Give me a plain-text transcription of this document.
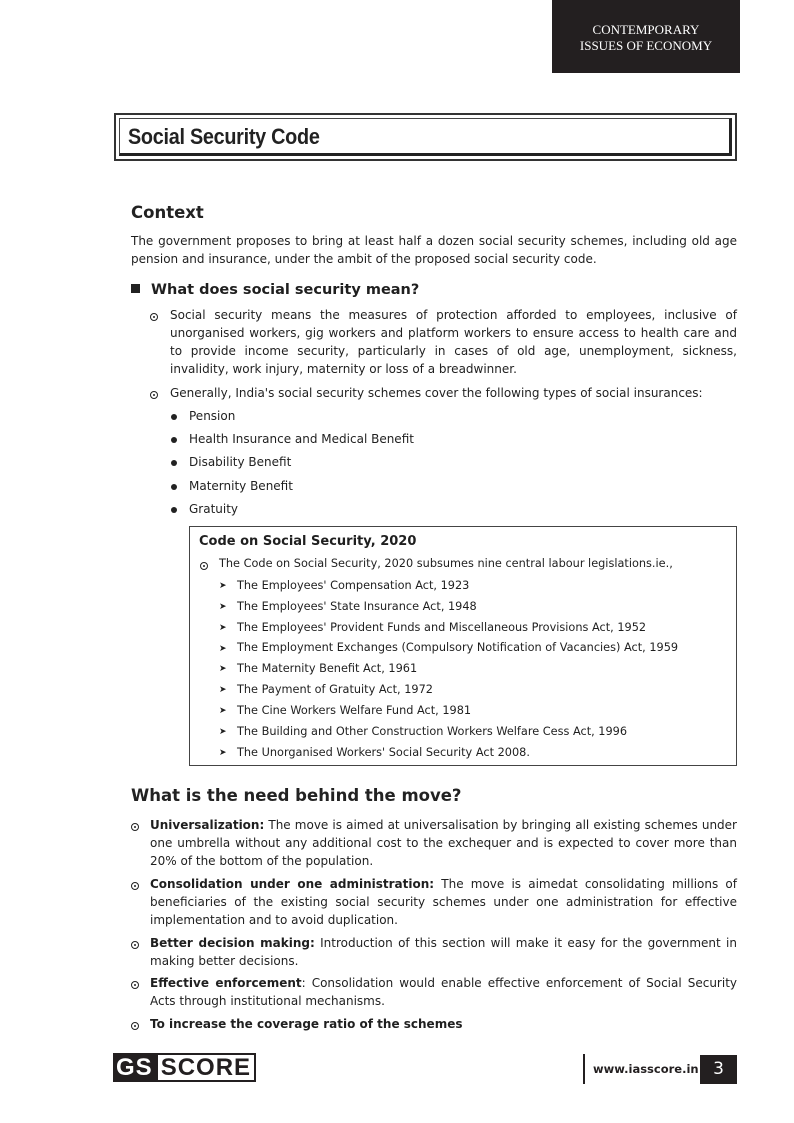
CONTEMPORARY
ISSUES OF ECONOMY
Social Security Code
Context
The government proposes to bring at least half a dozen social security schemes, including old age pension and insurance, under the ambit of the proposed social security code.
What does social security mean?
Social security means the measures of protection afforded to employees, inclusive of unorganised workers, gig workers and platform workers to ensure access to health care and to provide income security, particularly in cases of old age, unemployment, sickness, invalidity, work injury, maternity or loss of a breadwinner.
Generally, India's social security schemes cover the following types of social insurances:
Pension
Health Insurance and Medical Benefit
Disability Benefit
Maternity Benefit
Gratuity
Code on Social Security, 2020
The Code on Social Security, 2020 subsumes nine central labour legislations.ie.,
➤ The Employees' Compensation Act, 1923
➤ The Employees' State Insurance Act, 1948
➤ The Employees' Provident Funds and Miscellaneous Provisions Act, 1952
➤ The Employment Exchanges (Compulsory Notification of Vacancies) Act, 1959
➤ The Maternity Benefit Act, 1961
➤ The Payment of Gratuity Act, 1972
➤ The Cine Workers Welfare Fund Act, 1981
➤ The Building and Other Construction Workers Welfare Cess Act, 1996
➤ The Unorganised Workers' Social Security Act 2008.
What is the need behind the move?
Universalization: The move is aimed at universalisation by bringing all existing schemes under one umbrella without any additional cost to the exchequer and is expected to cover more than 20% of the bottom of the population.
Consolidation under one administration: The move is aimedat consolidating millions of beneficiaries of the existing social security schemes under one administration for effective implementation and to avoid duplication.
Better decision making: Introduction of this section will make it easy for the government in making better decisions.
Effective enforcement: Consolidation would enable effective enforcement of Social Security Acts through institutional mechanisms.
To increase the coverage ratio of the schemes
GS SCORE	www.iasscore.in 3
